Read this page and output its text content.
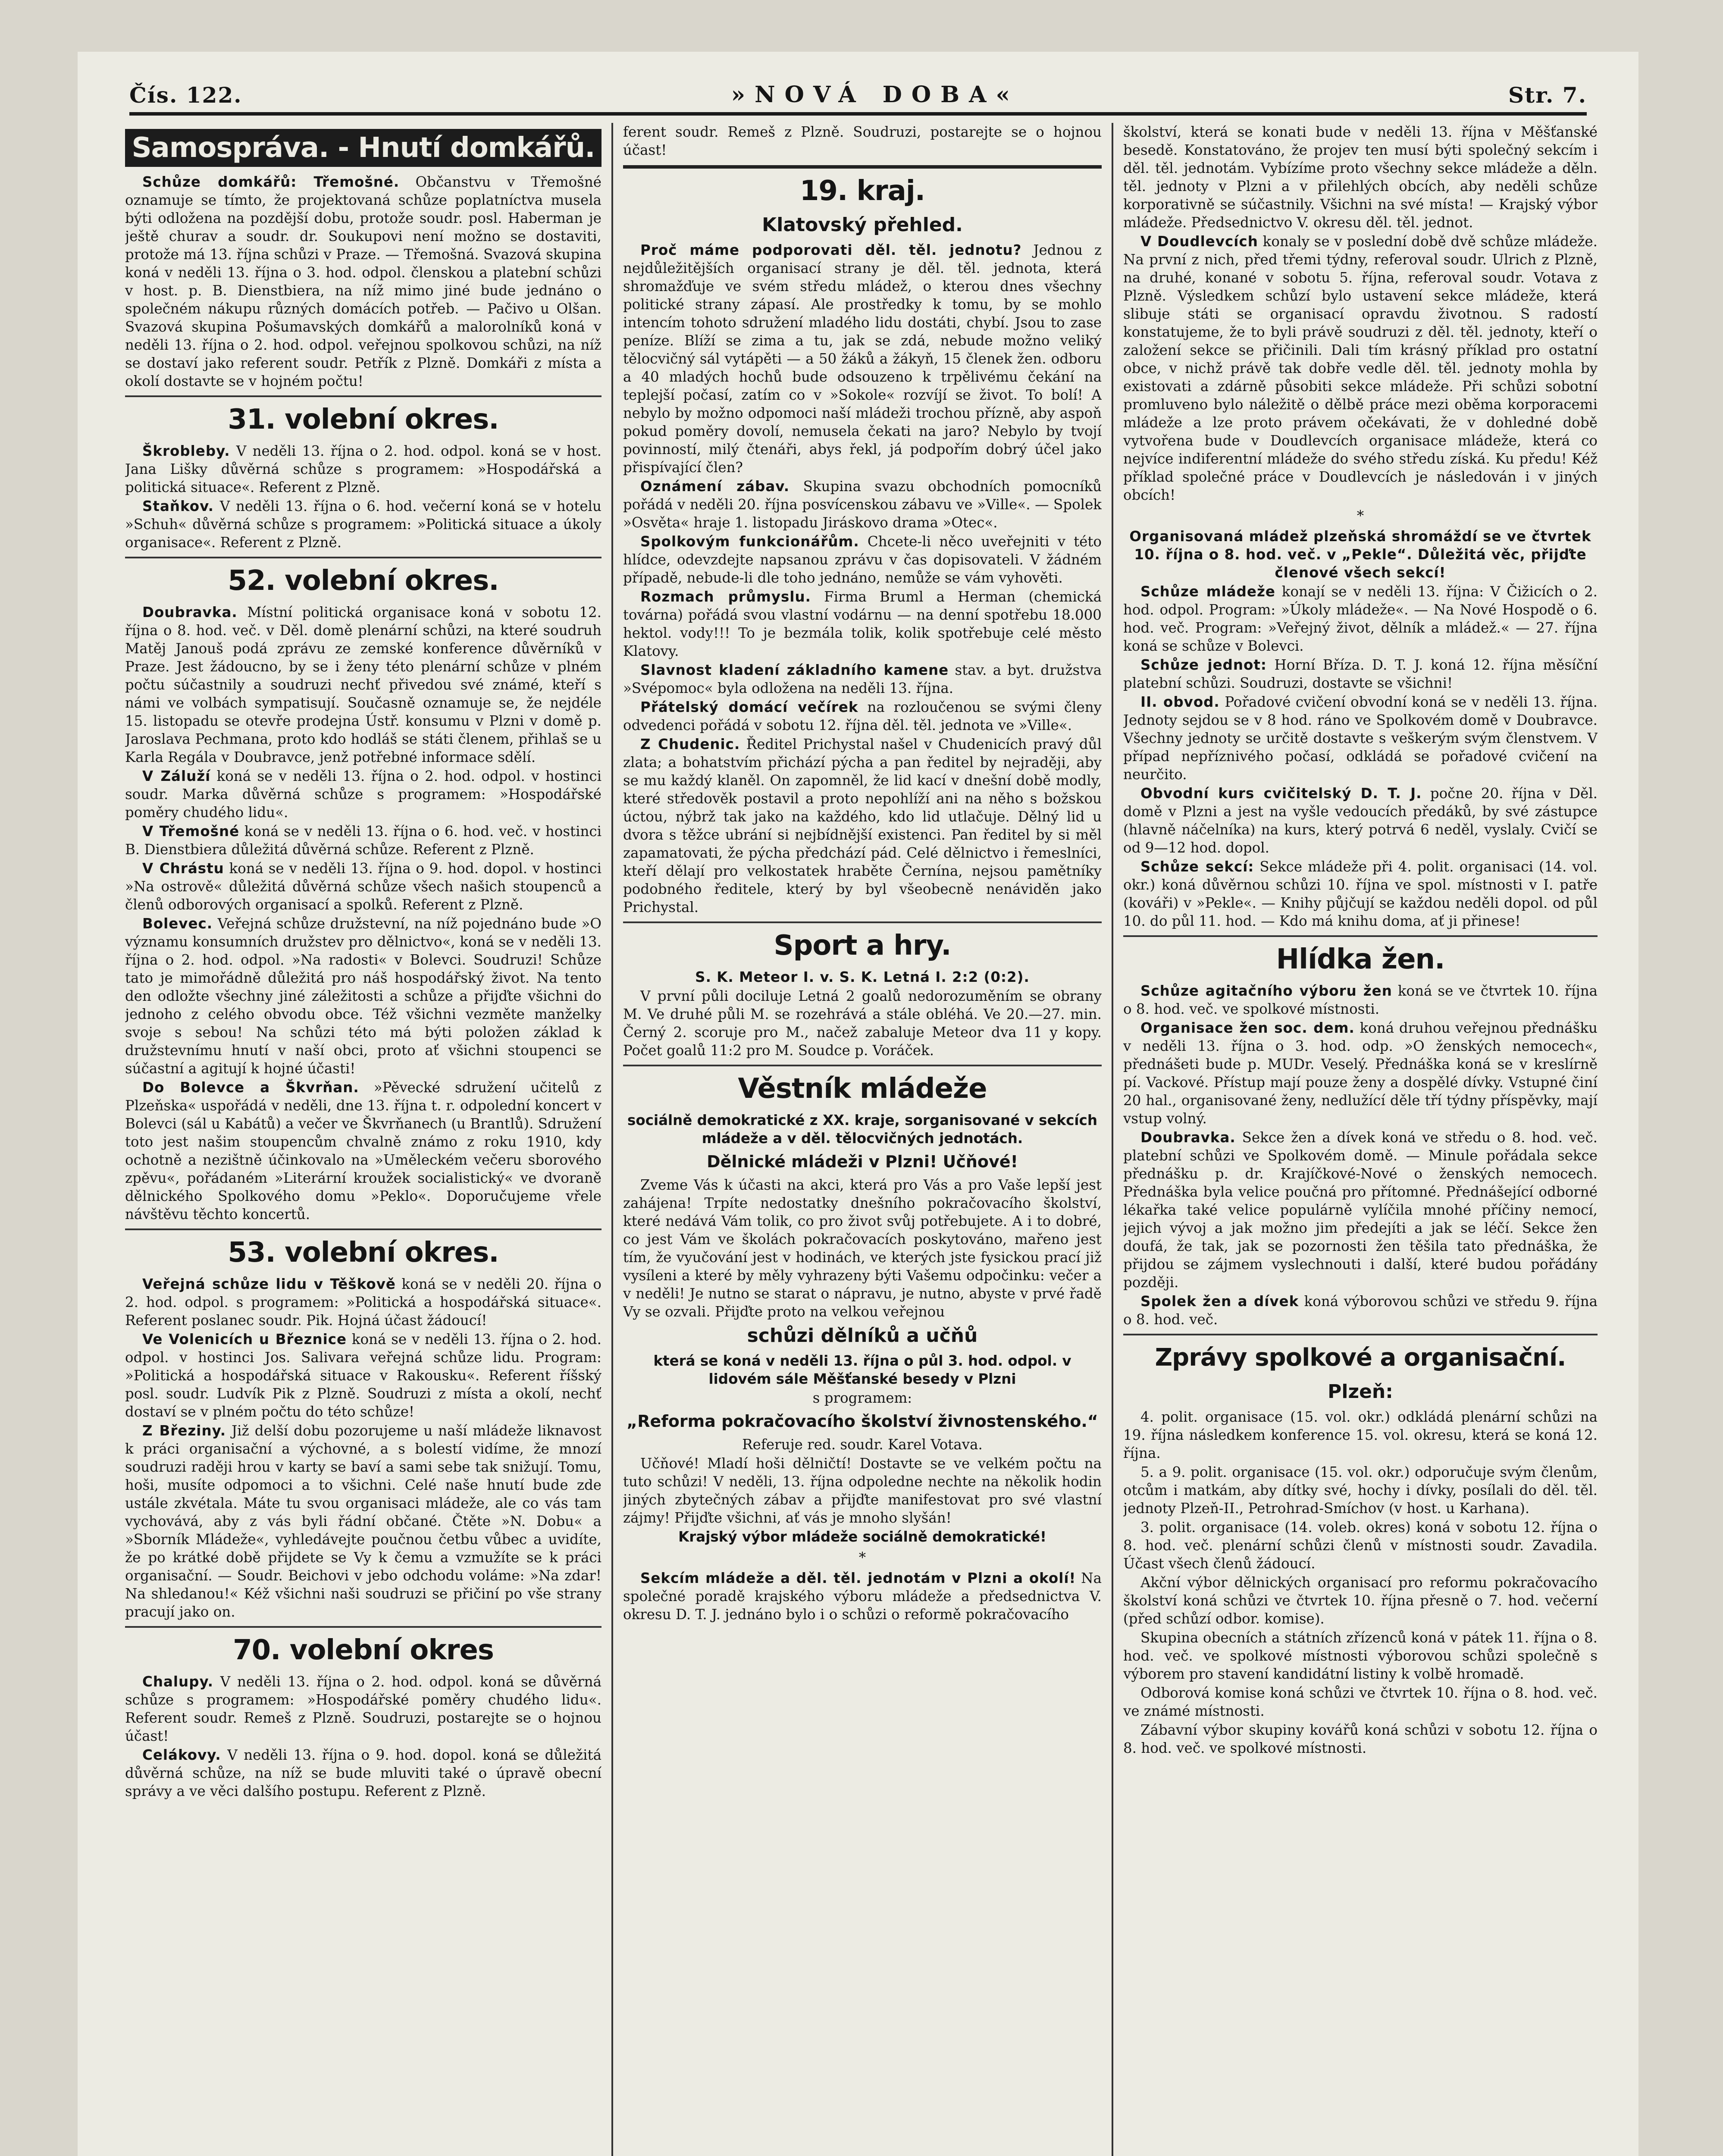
Čís. 122.	»NOVÁ DOBA«	Str. 7.
Samospráva. - Hnutí domkářů.

Schůze domkářů: Třemošné. Občanstvu v Třemošné oznamuje se tímto, že projektovaná schůze poplatníctva musela býti odložena na pozdější dobu, protože soudr. posl. Haberman je ještě churav a soudr. dr. Soukupovi není možno se dostaviti, protože má 13. října schůzi v Praze. — Třemošná. Svazová skupina koná v neděli 13. října o 3. hod. odpol. členskou a platební schůzi v host. p. B. Dienstbiera, na níž mimo jiné bude jednáno o společném nákupu různých domácích potřeb. — Pačivo u Olšan. Svazová skupina Pošumavských domkářů a malorolníků koná v neděli 13. října o 2. hod. odpol. veřejnou spolkovou schůzi, na níž se dostaví jako referent soudr. Petřík z Plzně. Domkáři z místa a okolí dostavte se v hojném počtu!

31. volební okres.

Škrobleby. V neděli 13. října o 2. hod. odpol. koná se v host. Jana Lišky důvěrná schůze s programem: »Hospodářská a politická situace«. Referent z Plzně.

Staňkov. V neděli 13. října o 6. hod. večerní koná se v hotelu »Schuh« důvěrná schůze s programem: »Politická situace a úkoly organisace«. Referent z Plzně.

52. volební okres.

Doubravka. Místní politická organisace koná v sobotu 12. října o 8. hod. več. v Děl. domě plenární schůzi, na které soudruh Matěj Janouš podá zprávu ze zemské konference důvěrníků v Praze. Jest žádoucno, by se i ženy této plenární schůze v plném počtu súčastnily a soudruzi nechť přivedou své známé, kteří s námi ve volbách sympatisují. Současně oznamuje se, že nejdéle 15. listopadu se otevře prodejna Ústř. konsumu v Plzni v domě p. Jaroslava Pechmana, proto kdo hodláš se státi členem, přihlaš se u Karla Regála v Doubravce, jenž potřebné informace sdělí.

V Záluží koná se v neděli 13. října o 2. hod. odpol. v hostinci soudr. Marka důvěrná schůze s programem: »Hospodářské poměry chudého lidu«.

V Třemošné koná se v neděli 13. října o 6. hod. več. v hostinci B. Dienstbiera důležitá důvěrná schůze. Referent z Plzně.

V Chrástu koná se v neděli 13. října o 9. hod. dopol. v hostinci »Na ostrově« důležitá důvěrná schůze všech našich stoupenců a členů odborových organisací a spolků. Referent z Plzně.

Bolevec. Veřejná schůze družstevní, na níž pojednáno bude »O významu konsumních družstev pro dělnictvo«, koná se v neděli 13. října o 2. hod. odpol. »Na radosti« v Bolevci. Soudruzi! Schůze tato je mimořádně důležitá pro náš hospodářský život. Na tento den odložte všechny jiné záležitosti a schůze a přijďte všichni do jednoho z celého obvodu obce. Též všichni vezměte manželky svoje s sebou! Na schůzi této má býti položen základ k družstevnímu hnutí v naší obci, proto ať všichni stoupenci se súčastní a agitují k hojné účasti!

Do Bolevce a Škvrňan. »Pěvecké sdružení učitelů z Plzeňska« uspořádá v neděli, dne 13. října t. r. odpolední koncert v Bolevci (sál u Kabátů) a večer ve Škvrňanech (u Brantlů). Sdružení toto jest našim stoupencům chvalně známo z roku 1910, kdy ochotně a nezištně účinkovalo na »Uměleckém večeru sborového zpěvu«, pořádaném »Literární kroužek socialistický« ve dvoraně dělnického Spolkového domu »Peklo«. Doporučujeme vřele návštěvu těchto koncertů.

53. volební okres.

Veřejná schůze lidu v Těškově koná se v neděli 20. října o 2. hod. odpol. s programem: »Politická a hospodářská situace«. Referent poslanec soudr. Pik. Hojná účast žádoucí!

Ve Volenicích u Březnice koná se v neděli 13. října o 2. hod. odpol. v hostinci Jos. Salivara veřejná schůze lidu. Program: »Politická a hospodářská situace v Rakousku«. Referent říšský posl. soudr. Ludvík Pik z Plzně. Soudruzi z místa a okolí, nechť dostaví se v plném počtu do této schůze!

Z Březiny. Již delší dobu pozorujeme u naší mládeže liknavost k práci organisační a výchovné, a s bolestí vidíme, že mnozí soudruzi raději hrou v karty se baví a sami sebe tak snižují. Tomu, hoši, musíte odpomoci a to všichni. Celé naše hnutí bude zde ustále zkvétala. Máte tu svou organisaci mládeže, ale co vás tam vychovává, aby z vás byli řádní občané. Čtěte »N. Dobu« a »Sborník Mládeže«, vyhledávejte poučnou četbu vůbec a uvidíte, že po krátké době přijdete se Vy k čemu a vzmužíte se k práci organisační. — Soudr. Beichovi v jebo odchodu voláme: »Na zdar! Na shledanou!« Kéž všichni naši soudruzi se přičiní po vše strany pracují jako on.

70. volební okres

Chalupy. V neděli 13. října o 2. hod. odpol. koná se důvěrná schůze s programem: »Hospodářské poměry chudého lidu«. Referent soudr. Remeš z Plzně. Soudruzi, postarejte se o hojnou účast!

Celákovy. V neděli 13. října o 9. hod. dopol. koná se důležitá důvěrná schůze, na níž se bude mluviti také o úpravě obecní správy a ve věci dalšího postupu. Referent z Plzně.

ferent soudr. Remeš z Plzně. Soudruzi, postarejte se o hojnou účast!

19. kraj.
Klatovský přehled.

Proč máme podporovati děl. těl. jednotu? Jednou z nejdůležitějších organisací strany je děl. těl. jednota, která shromažďuje ve svém středu mládež, o kterou dnes všechny politické strany zápasí. Ale prostředky k tomu, by se mohlo intencím tohoto sdružení mladého lidu dostáti, chybí. Jsou to zase peníze. Blíží se zima a tu, jak se zdá, nebude možno veliký tělocvičný sál vytápěti — a 50 žáků a žákyň, 15 členek žen. odboru a 40 mladých hochů bude odsouzeno k trpělivému čekání na teplejší počasí, zatím co v »Sokole« rozvíjí se život. To bolí! A nebylo by možno odpomoci naší mládeži trochou přízně, aby aspoň pokud poměry dovolí, nemusela čekati na jaro? Nebylo by tvojí povinností, milý čtenáři, abys řekl, já podpořím dobrý účel jako přispívající člen?

Oznámení zábav. Skupina svazu obchodních pomocníků pořádá v neděli 20. října posvícenskou zábavu ve »Ville«. — Spolek »Osvěta« hraje 1. listopadu Jiráskovo drama »Otec«.

Spolkovým funkcionářům. Chcete-li něco uveřejniti v této hlídce, odevzdejte napsanou zprávu v čas dopisovateli. V žádném případě, nebude-li dle toho jednáno, nemůže se vám vyhověti.

Rozmach průmyslu. Firma Bruml a Herman (chemická továrna) pořádá svou vlastní vodárnu — na denní spotřebu 18.000 hektol. vody!!! To je bezmála tolik, kolik spotřebuje celé město Klatovy.

Slavnost kladení základního kamene stav. a byt. družstva »Svépomoc« byla odložena na neděli 13. října.

Přátelský domácí večírek na rozloučenou se svými členy odvedenci pořádá v sobotu 12. října děl. těl. jednota ve »Ville«.

Z Chudenic. Ředitel Prichystal našel v Chudenicích pravý důl zlata; a bohatstvím přichází pýcha a pan ředitel by nejraději, aby se mu každý klaněl. On zapomněl, že lid kací v dnešní době modly, které středověk postavil a proto nepohlíží ani na něho s božskou úctou, nýbrž tak jako na každého, kdo lid utlačuje. Dělný lid u dvora s těžce ubrání si nejbídnější existenci. Pan ředitel by si měl zapamatovati, že pýcha předchází pád. Celé dělnictvo i řemeslníci, kteří dělají pro velkostatek hraběte Černína, nejsou pamětníky podobného ředitele, který by byl všeobecně nenáviděn jako Prichystal.

Sport a hry.

S. K. Meteor I. v. S. K. Letná I. 2:2 (0:2).

V první půli dociluje Letná 2 goalů nedorozuměním se obrany M. Ve druhé půli M. se rozehrává a stále obléhá. Ve 20.—27. min. Černý 2. scoruje pro M., načež zabaluje Meteor dva 11 y kopy. Počet goalů 11:2 pro M. Soudce p. Voráček.

Věstník mládeže

sociálně demokratické z XX. kraje, sorganisované v sekcích mládeže a v děl. tělocvičných jednotách.

Dělnické mládeži v Plzni! Učňové!

Zveme Vás k účasti na akci, která pro Vás a pro Vaše lepší jest zahájena! Trpíte nedostatky dnešního pokračovacího školství, které nedává Vám tolik, co pro život svůj potřebujete. A i to dobré, co jest Vám ve školách pokračovacích poskytováno, mařeno jest tím, že vyučování jest v hodinách, ve kterých jste fysickou prací již vysíleni a které by měly vyhrazeny býti Vašemu odpočinku: večer a v neděli! Je nutno se starat o nápravu, je nutno, abyste v prvé řadě Vy se ozvali. Přijďte proto na velkou veřejnou

schůzi dělníků a učňů

která se koná v neděli 13. října o půl 3. hod. odpol. v lidovém sále Měšťanské besedy v Plzni

s programem:

„Reforma pokračovacího školství živnostenského.“

Referuje red. soudr. Karel Votava.

Učňové! Mladí hoši dělničtí! Dostavte se ve velkém počtu na tuto schůzi! V neděli, 13. října odpoledne nechte na několik hodin jiných zbytečných zábav a přijďte manifestovat pro své vlastní zájmy! Přijďte všichni, ať vás je mnoho slyšán!

Krajský výbor mládeže sociálně demokratické!

*

Sekcím mládeže a děl. těl. jednotám v Plzni a okolí! Na společné poradě krajského výboru mládeže a předsednictva V. okresu D. T. J. jednáno bylo i o schůzi o reformě pokračovacího

školství, která se konati bude v neděli 13. října v Měšťanské besedě. Konstatováno, že projev ten musí býti společný sekcím i děl. těl. jednotám. Vybízíme proto všechny sekce mládeže a děln. těl. jednoty v Plzni a v přilehlých obcích, aby neděli schůze korporativně se súčastnily. Všichni na své místa! — Krajský výbor mládeže. Předsednictvo V. okresu děl. těl. jednot.

V Doudlevcích konaly se v poslední době dvě schůze mládeže. Na první z nich, před třemi týdny, referoval soudr. Ulrich z Plzně, na druhé, konané v sobotu 5. října, referoval soudr. Votava z Plzně. Výsledkem schůzí bylo ustavení sekce mládeže, která slibuje státi se organisací opravdu životnou. S radostí konstatujeme, že to byli právě soudruzi z děl. těl. jednoty, kteří o založení sekce se přičinili. Dali tím krásný příklad pro ostatní obce, v nichž právě tak dobře vedle děl. těl. jednoty mohla by existovati a zdárně působiti sekce mládeže. Při schůzi sobotní promluveno bylo náležitě o dělbě práce mezi oběma korporacemi mládeže a lze proto právem očekávati, že v dohledné době vytvořena bude v Doudlevcích organisace mládeže, která co nejvíce indiferentní mládeže do svého středu získá. Ku předu! Kéž příklad společné práce v Doudlevcích je následován i v jiných obcích!

*

Organisovaná mládež plzeňská shromáždí se ve čtvrtek 10. října o 8. hod. več. v „Pekle“. Důležitá věc, přijďte členové všech sekcí!

Schůze mládeže konají se v neděli 13. října: V Čižicích o 2. hod. odpol. Program: »Úkoly mládeže«. — Na Nové Hospodě o 6. hod. več. Program: »Veřejný život, dělník a mládež.« — 27. října koná se schůze v Bolevci.

Schůze jednot: Horní Bříza. D. T. J. koná 12. října měsíční platební schůzi. Soudruzi, dostavte se všichni!

II. obvod. Pořadové cvičení obvodní koná se v neděli 13. října. Jednoty sejdou se v 8 hod. ráno ve Spolkovém domě v Doubravce. Všechny jednoty se určitě dostavte s veškerým svým členstvem. V případ nepříznivého počasí, odkládá se pořadové cvičení na neurčito.

Obvodní kurs cvičitelský D. T. J. počne 20. října v Děl. domě v Plzni a jest na vyšle vedoucích předáků, by své zástupce (hlavně náčelníka) na kurs, který potrvá 6 neděl, vyslaly. Cvičí se od 9—12 hod. dopol.

Schůze sekcí: Sekce mládeže při 4. polit. organisaci (14. vol. okr.) koná důvěrnou schůzi 10. října ve spol. místnosti v I. patře (kováři) v »Pekle«. — Knihy půjčují se každou neděli dopol. od půl 10. do půl 11. hod. — Kdo má knihu doma, ať ji přinese!

Hlídka žen.

Schůze agitačního výboru žen koná se ve čtvrtek 10. října o 8. hod. več. ve spolkové místnosti.

Organisace žen soc. dem. koná druhou veřejnou přednášku v neděli 13. října o 3. hod. odp. »O ženských nemocech«, přednášeti bude p. MUDr. Veselý. Přednáška koná se v kreslírně pí. Vackové. Přístup mají pouze ženy a dospělé dívky. Vstupné činí 20 hal., organisované ženy, nedlužící děle tří týdny příspěvky, mají vstup volný.

Doubravka. Sekce žen a dívek koná ve středu o 8. hod. več. platební schůzi ve Spolkovém domě. — Minule pořádala sekce přednášku p. dr. Krajíčkové-Nové o ženských nemocech. Přednáška byla velice poučná pro přítomné. Přednášející odborné lékařka také velice populárně vylíčila mnohé příčiny nemocí, jejich vývoj a jak možno jim předejíti a jak se léčí. Sekce žen doufá, že tak, jak se pozornosti žen těšila tato přednáška, že přijdou se zájmem vyslechnouti i další, které budou pořádány později.

Spolek žen a dívek koná výborovou schůzi ve středu 9. října o 8. hod. več.

Zprávy spolkové a organisační.
Plzeň:

4. polit. organisace (15. vol. okr.) odkládá plenární schůzi na 19. října následkem konference 15. vol. okresu, která se koná 12. října.

5. a 9. polit. organisace (15. vol. okr.) odporučuje svým členům, otcům i matkám, aby dítky své, hochy i dívky, posílali do děl. těl. jednoty Plzeň-II., Petrohrad-Smíchov (v host. u Karhana).

3. polit. organisace (14. voleb. okres) koná v sobotu 12. října o 8. hod. več. plenární schůzi členů v místnosti soudr. Zavadila. Účast všech členů žádoucí.

Akční výbor dělnických organisací pro reformu pokračovacího školství koná schůzi ve čtvrtek 10. října přesně o 7. hod. večerní (před schůzí odbor. komise).

Skupina obecních a státních zřízenců koná v pátek 11. října o 8. hod. več. ve spolkové místnosti výborovou schůzi společně s výborem pro stavení kandidátní listiny k volbě hromadě.

Odborová komise koná schůzi ve čtvrtek 10. října o 8. hod. več. ve známé místnosti.

Zábavní výbor skupiny kovářů koná schůzi v sobotu 12. října o 8. hod. več. ve spolkové místnosti.
